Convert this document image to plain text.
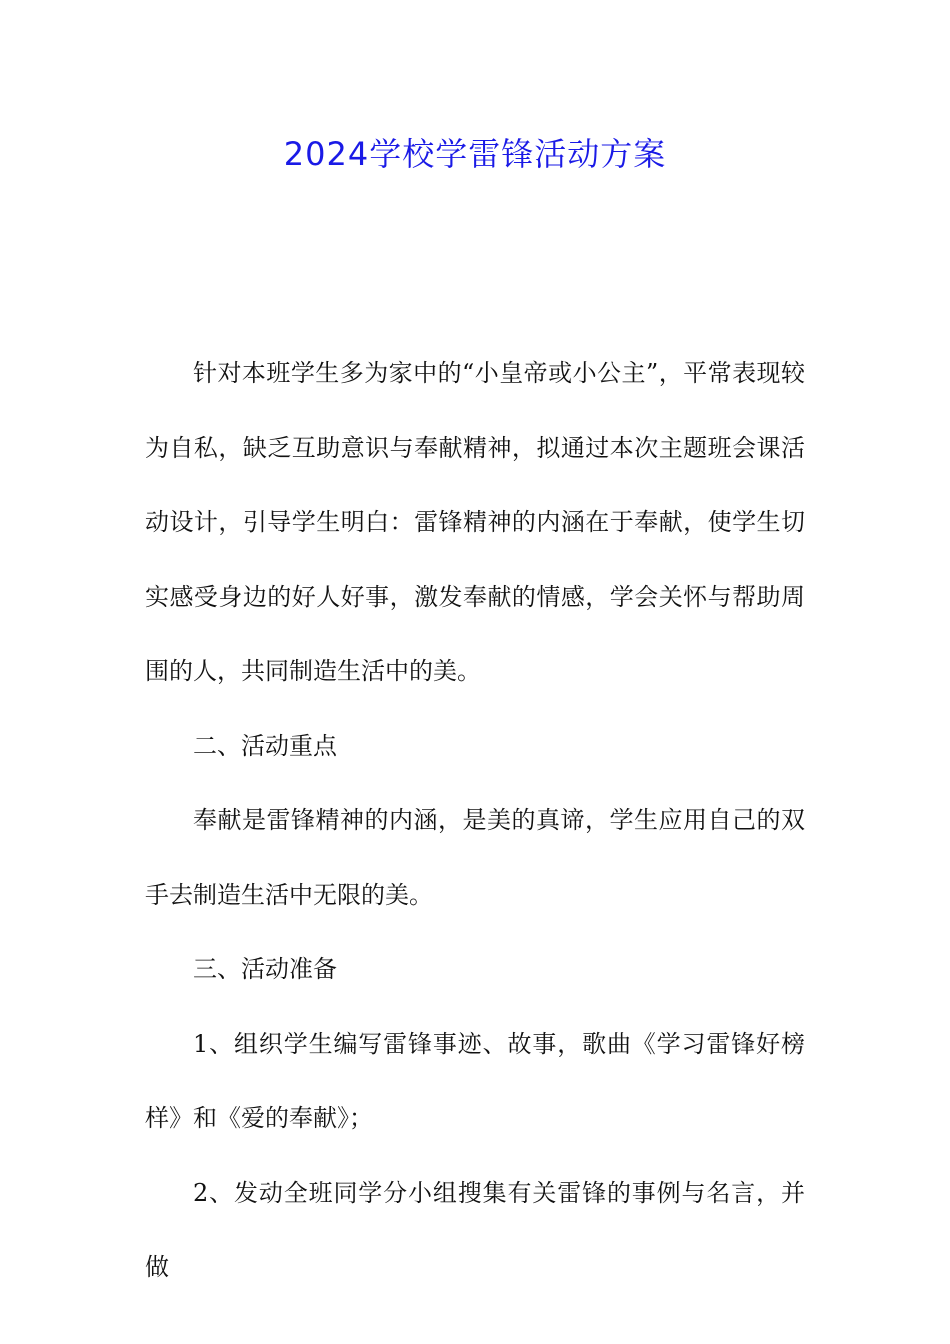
2024学校学雷锋活动方案

针对本班学生多为家中的“小皇帝或小公主”，平常表现较为自私，缺乏互助意识与奉献精神，拟通过本次主题班会课活动设计，引导学生明白：雷锋精神的内涵在于奉献，使学生切实感受身边的好人好事，激发奉献的情感，学会关怀与帮助周围的人，共同制造生活中的美。

二、活动重点

奉献是雷锋精神的内涵，是美的真谛，学生应用自己的双手去制造生活中无限的美。

三、活动准备

1、组织学生编写雷锋事迹、故事，歌曲《学习雷锋好榜样》和《爱的奉献》；

2、发动全班同学分小组搜集有关雷锋的事例与名言，并做
